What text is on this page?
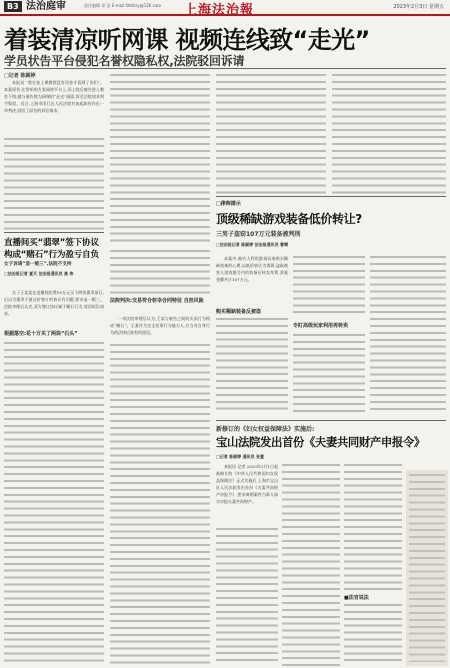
B3 法治庭审	责任编辑 章 洁 E-mail:fzbfzsy@126.com 上海法治報	2023年2月3日 星期五
着装清凉听网课 视频连线致“走光”
学员状告平台侵犯名誉权隐私权,法院驳回诉请
□记者 陈颖婷

本报讯 “我在家上课教授没有问答才看到了你们”。本案原告,在常州的方某网络平台上,因上线后被告进入教室下线,她与被告数为网课的“走光”画面,诉至法院请求判令赔偿。近日,上海市闵行区人民法院对该起纠纷作出一审判决,驳回了原告的诉讼请求。

直播间买“翡翠”签下协议
构成“赌石”行为盈亏自负
女子诉请“退一赔三”,法院不支持
□法治报记者 夏天 法治报通讯员 高 伟

女子王某某在直播间花费10万元买下两块翡翠原石,后以为翡翠不值这价签订的协议有问题,要求退一赔三。法院审理后认定,双方签订协议属于赌石行为,驳回诉讼请求。

根据落空:花十万买了两块“石头”
法院判决:交易符合射幸合同特征 自担风险

一审法院审理后认为,王某与被告之间的买卖行为构成“赌石”。王某作为完全民事行为能力人,应当对自身行为的法律后果有所预见。

□律师提示
顶级稀缺游戏装备低价转让?
三男子盗窃107万元装备被判刑
□法治报记者 陈颖婷 法治报通讯员 曹晴

本案中,被告人利用游戏玩家购买稀缺装备的心理,以低价转让为诱饵,盗取被害人游戏账号内的装备后转卖牟利,涉案金额共计107万元。

购买稀缺装备反被盗
专盯高级玩家利用再转卖
新修订的《妇女权益保障法》实施后:
宝山法院发出首份《夫妻共同财产申报令》
□记者 陈颖婷 通讯员 张萱

本报讯 记者 2023年1月1日起新修订的《中华人民共和国妇女权益保障法》正式实施后,上海市宝山区人民法院发出首份《夫妻共同财产申报令》,要求离婚案件当事人如实申报夫妻共同财产。

■法官说法
